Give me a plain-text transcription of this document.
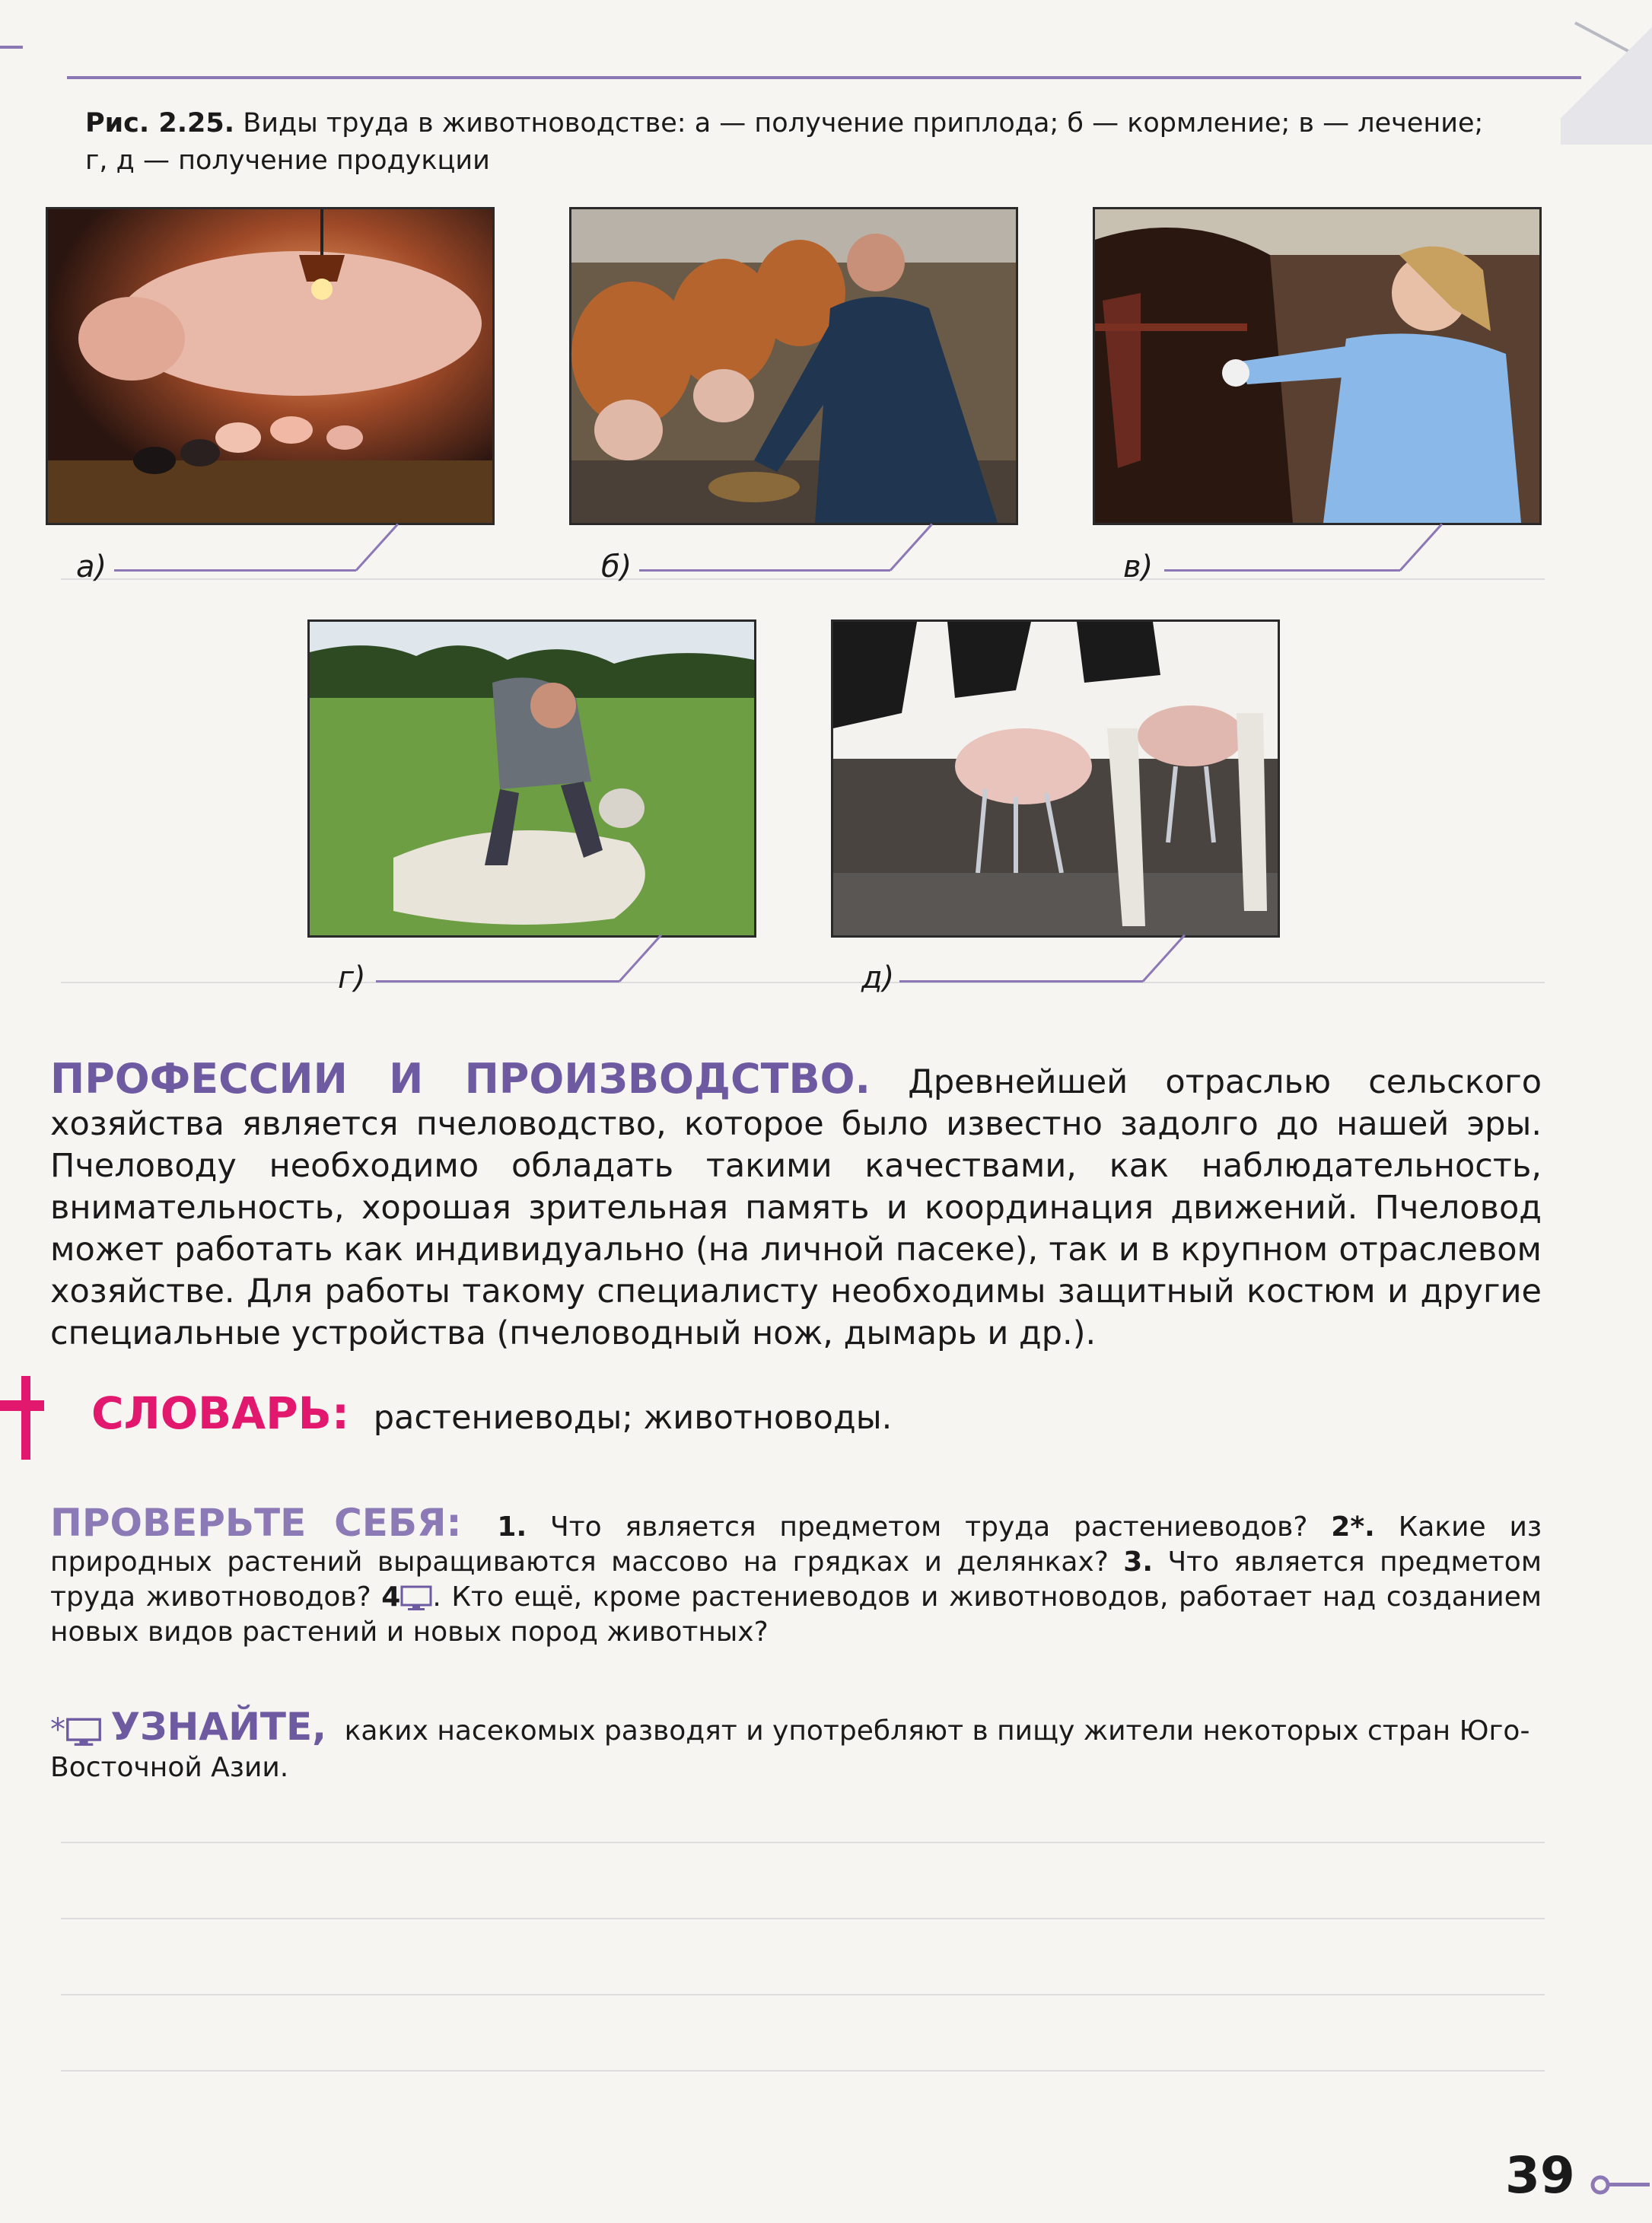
Рис. 2.25. Виды труда в животноводстве: а — получение приплода; б — кормление; в — лечение;
г, д — получение продукции
а)	б)	в)
г)	д)
ПРОФЕССИИ И ПРОИЗВОДСТВО. Древнейшей отраслью сельского хозяйства является пчеловодство, которое было известно задолго до нашей эры. Пчеловоду необходимо обладать такими качествами, как наблюдательность, внимательность, хорошая зрительная память и координация движений. Пчеловод может работать как индивидуально (на личной пасеке), так и в крупном отраслевом хозяйстве. Для работы такому специалисту необходимы защитный костюм и другие специальные устройства (пчеловодный нож, дымарь и др.).
СЛОВАРЬ: растениеводы; животноводы.
ПРОВЕРЬТЕ СЕБЯ: 1. Что является предметом труда растениеводов? 2*. Какие из природных растений выращиваются массово на грядках и делянках? 3. Что является предметом труда животноводов? 4 . Кто ещё, кроме растениеводов и животноводов, работает над созданием новых видов растений и новых пород животных?
* УЗНАЙТЕ, каких насекомых разводят и употребляют в пищу жители некоторых стран Юго-Восточной Азии.
39
